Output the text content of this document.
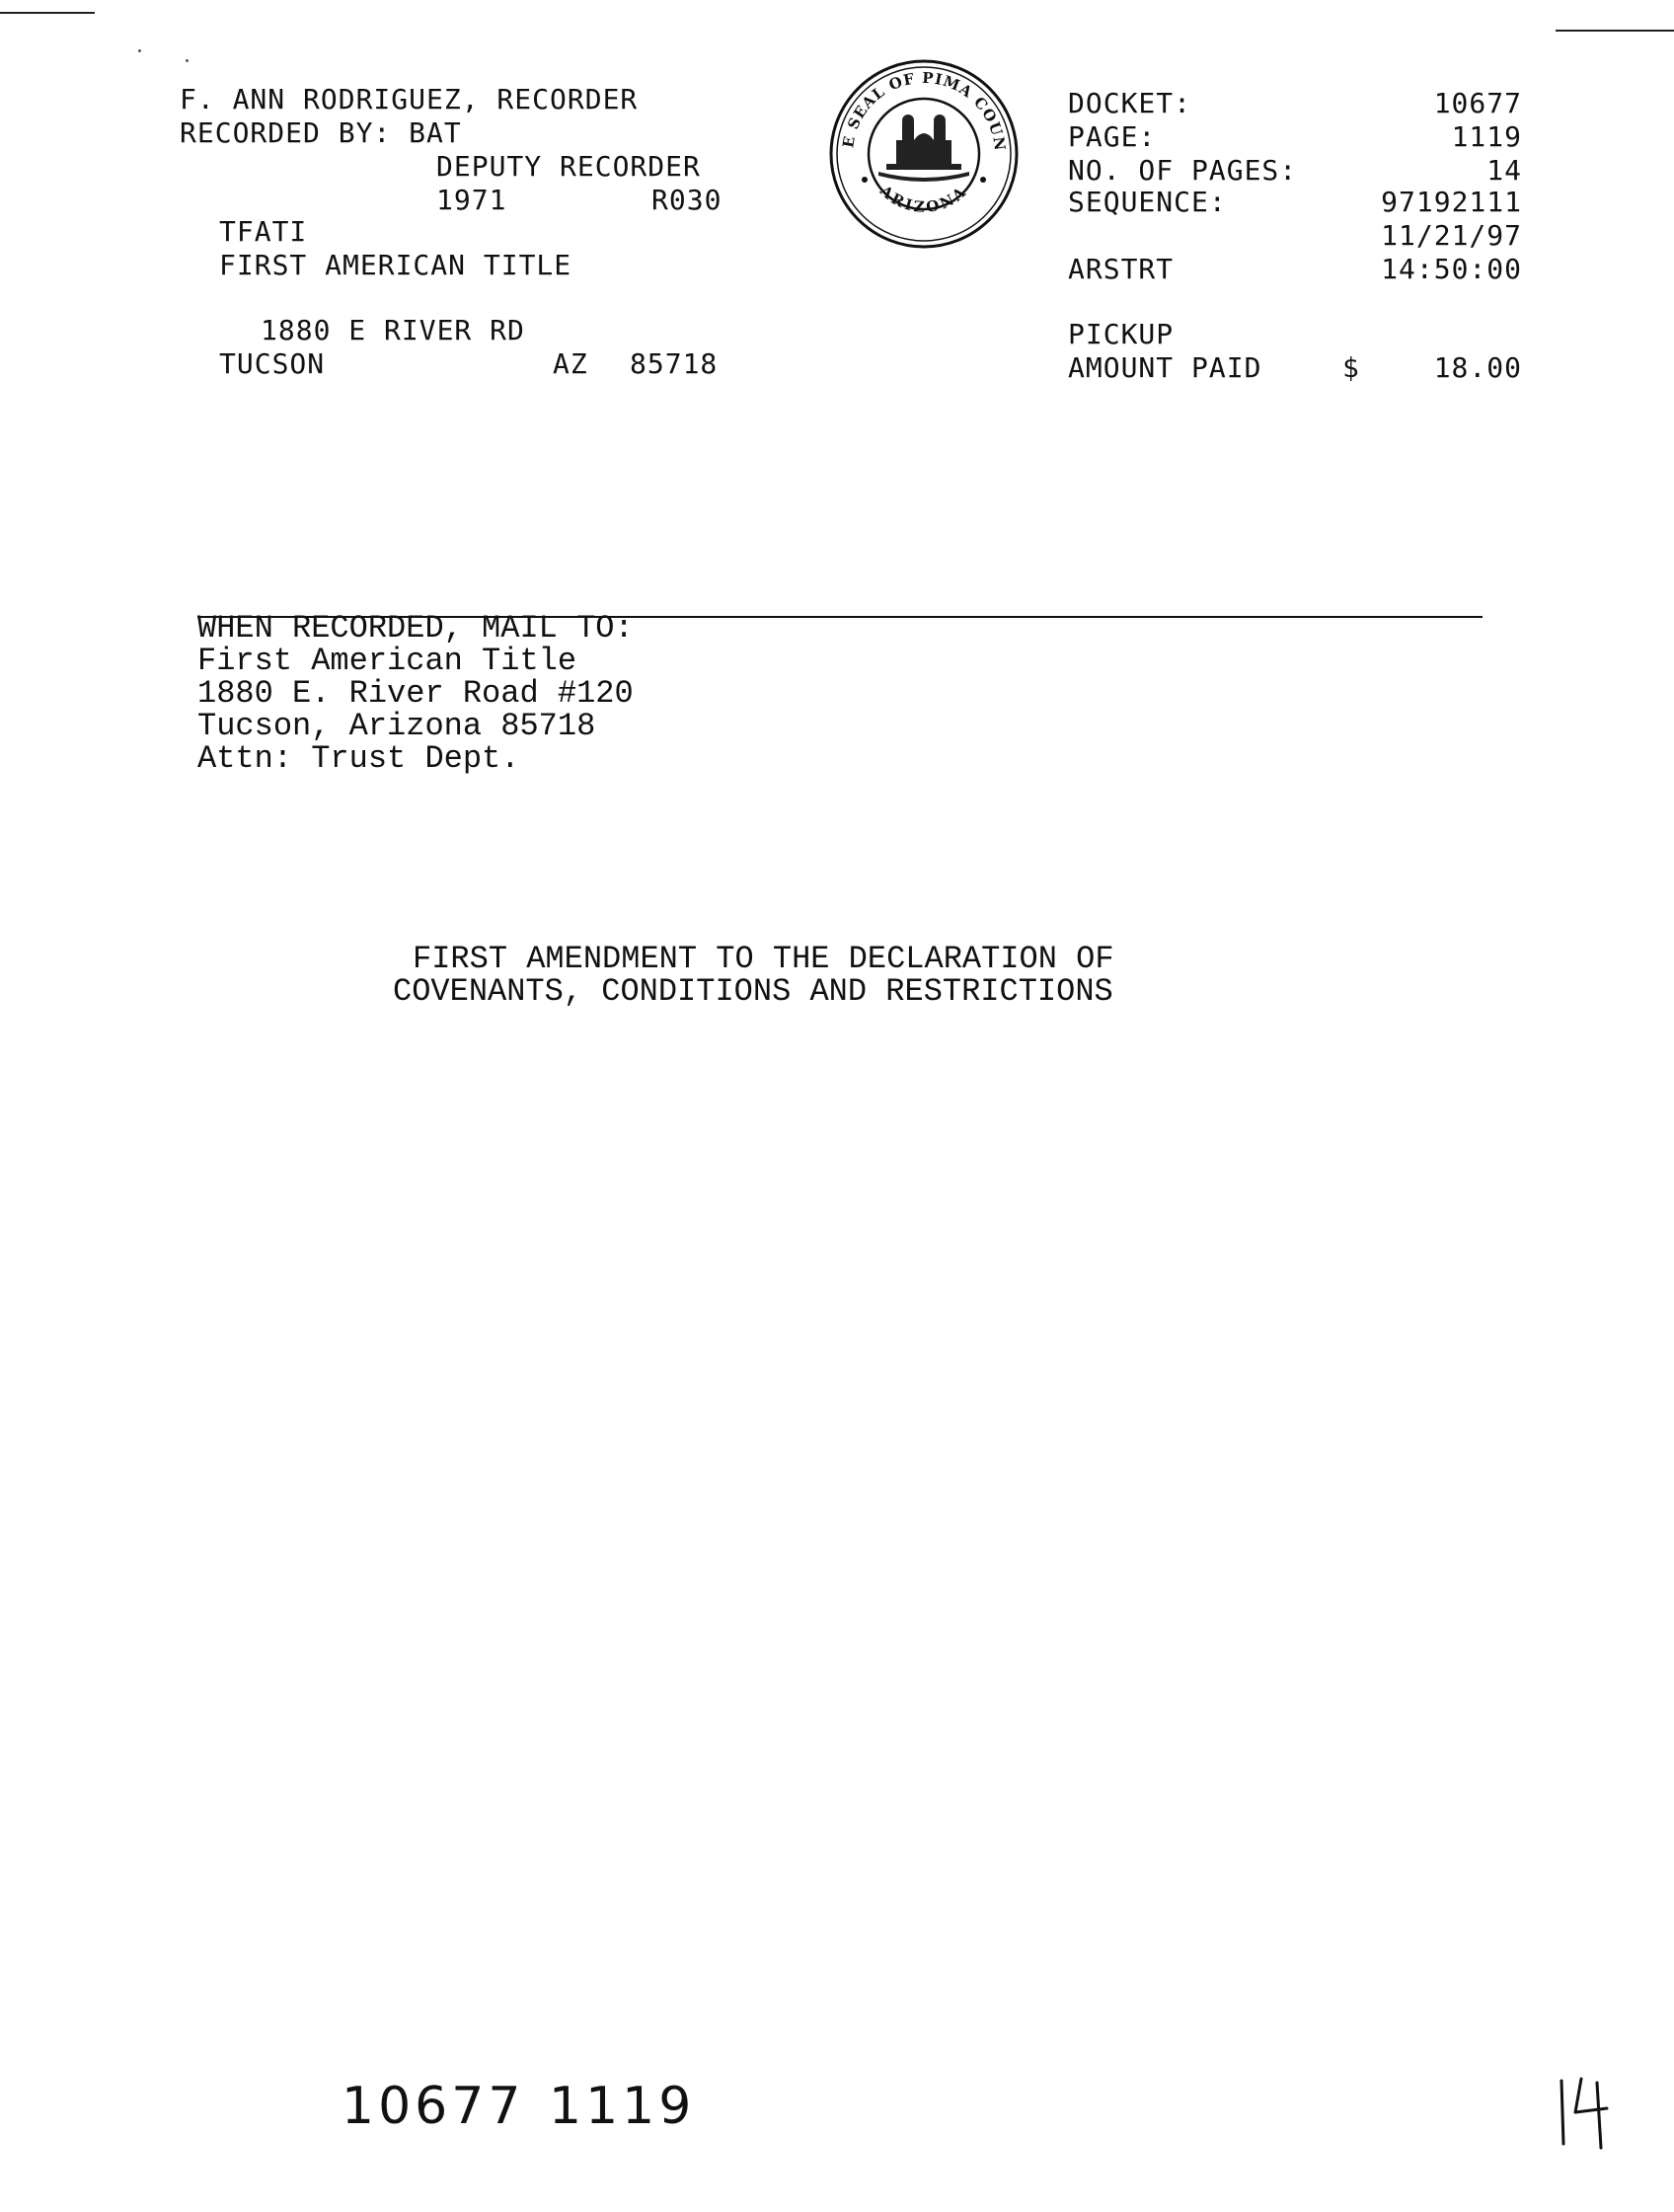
F. ANN RODRIGUEZ, RECORDER
RECORDED BY: BAT
DEPUTY RECORDER
1971	R030
TFATI
FIRST AMERICAN TITLE
1880 E RIVER RD
TUCSON	AZ 85718
E SEAL OF PIMA COUN
ARIZONA
DOCKET:	10677
PAGE:	1119
NO. OF PAGES:	14
SEQUENCE:	97192111
11/21/97
ARSTRT	14:50:00
PICKUP
AMOUNT PAID	$	18.00
WHEN RECORDED, MAIL TO:
First American Title
1880 E. River Road #120
Tucson, Arizona 85718
Attn: Trust Dept.
FIRST AMENDMENT TO THE DECLARATION OF
COVENANTS, CONDITIONS AND RESTRICTIONS
10677 1119
